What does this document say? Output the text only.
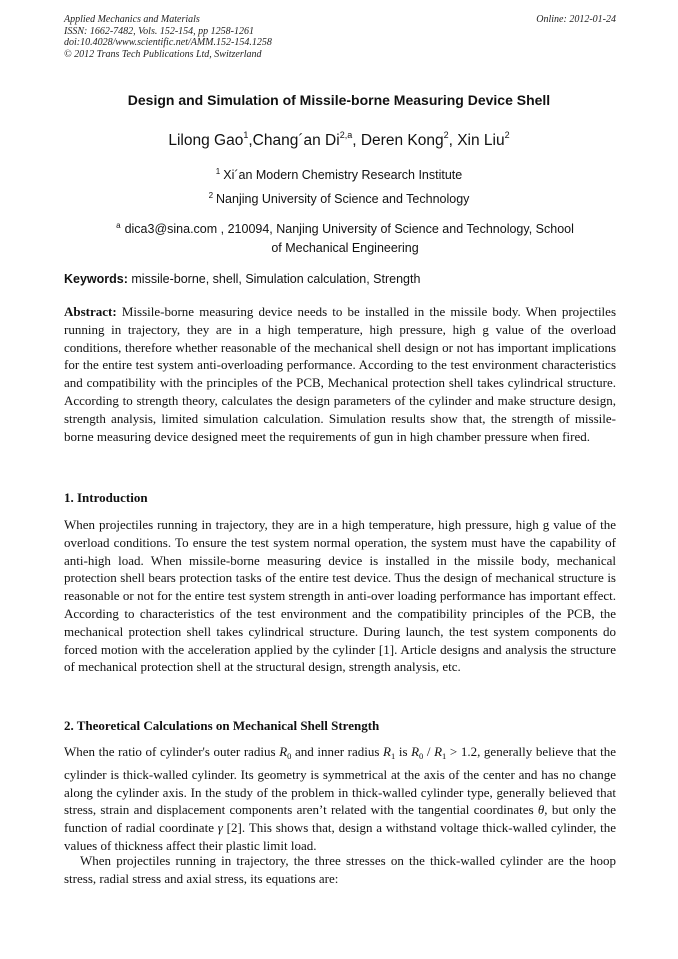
Applied Mechanics and Materials
ISSN: 1662-7482, Vols. 152-154, pp 1258-1261
doi:10.4028/www.scientific.net/AMM.152-154.1258
© 2012 Trans Tech Publications Ltd, Switzerland
Online: 2012-01-24
Design and Simulation of Missile-borne Measuring Device Shell
Lilong Gao$^1$,Chang´an Di$^{2,a}$, Deren Kong$^2$, Xin Liu$^2$
$^1$ Xi´an Modern Chemistry Research Institute
$^2$ Nanjing University of Science and Technology
$^a$ dica3@sina.com , 210094, Nanjing University of Science and Technology, School of Mechanical Engineering
Keywords: missile-borne, shell, Simulation calculation, Strength
Abstract: Missile-borne measuring device needs to be installed in the missile body. When projectiles running in trajectory, they are in a high temperature, high pressure, high g value of the overload conditions, therefore whether reasonable of the mechanical shell design or not has important implications for the entire test system anti-overloading performance. According to the test environment characteristics and compatibility with the principles of the PCB, Mechanical protection shell takes cylindrical structure. According to strength theory, calculates the design parameters of the cylinder and make structure design, strength analysis, limited simulation calculation. Simulation results show that, the strength of missile-borne measuring device designed meet the requirements of gun in high chamber pressure when fired.
1. Introduction
When projectiles running in trajectory, they are in a high temperature, high pressure, high g value of the overload conditions. To ensure the test system normal operation, the system must have the capability of anti-high load. When missile-borne measuring device is installed in the missile body, mechanical protection shell bears protection tasks of the entire test device. Thus the design of mechanical structure is reasonable or not for the entire test system strength in anti-over loading performance has important effect. According to characteristics of the test environment and the compatibility principles of the PCB, the mechanical protection shell takes cylindrical structure. During launch, the test system components do forced motion with the acceleration applied by the cylinder [1]. Article designs and analysis the structure of mechanical protection shell at the structural design, strength analysis, etc.
2. Theoretical Calculations on Mechanical Shell Strength
When the ratio of cylinder's outer radius $R_0$ and inner radius $R_1$ is $R_0 / R_1 > 1.2$, generally believe that the cylinder is thick-walled cylinder. Its geometry is symmetrical at the axis of the center and has no change along the cylinder axis. In the study of the problem in thick-walled cylinder type, generally believed that stress, strain and displacement components aren’t related with the tangential coordinates θ, but only the function of radial coordinate γ [2]. This shows that, design a withstand voltage thick-walled cylinder, the values of thickness affect their plastic limit load.
When projectiles running in trajectory, the three stresses on the thick-walled cylinder are the hoop stress, radial stress and axial stress, its equations are:
